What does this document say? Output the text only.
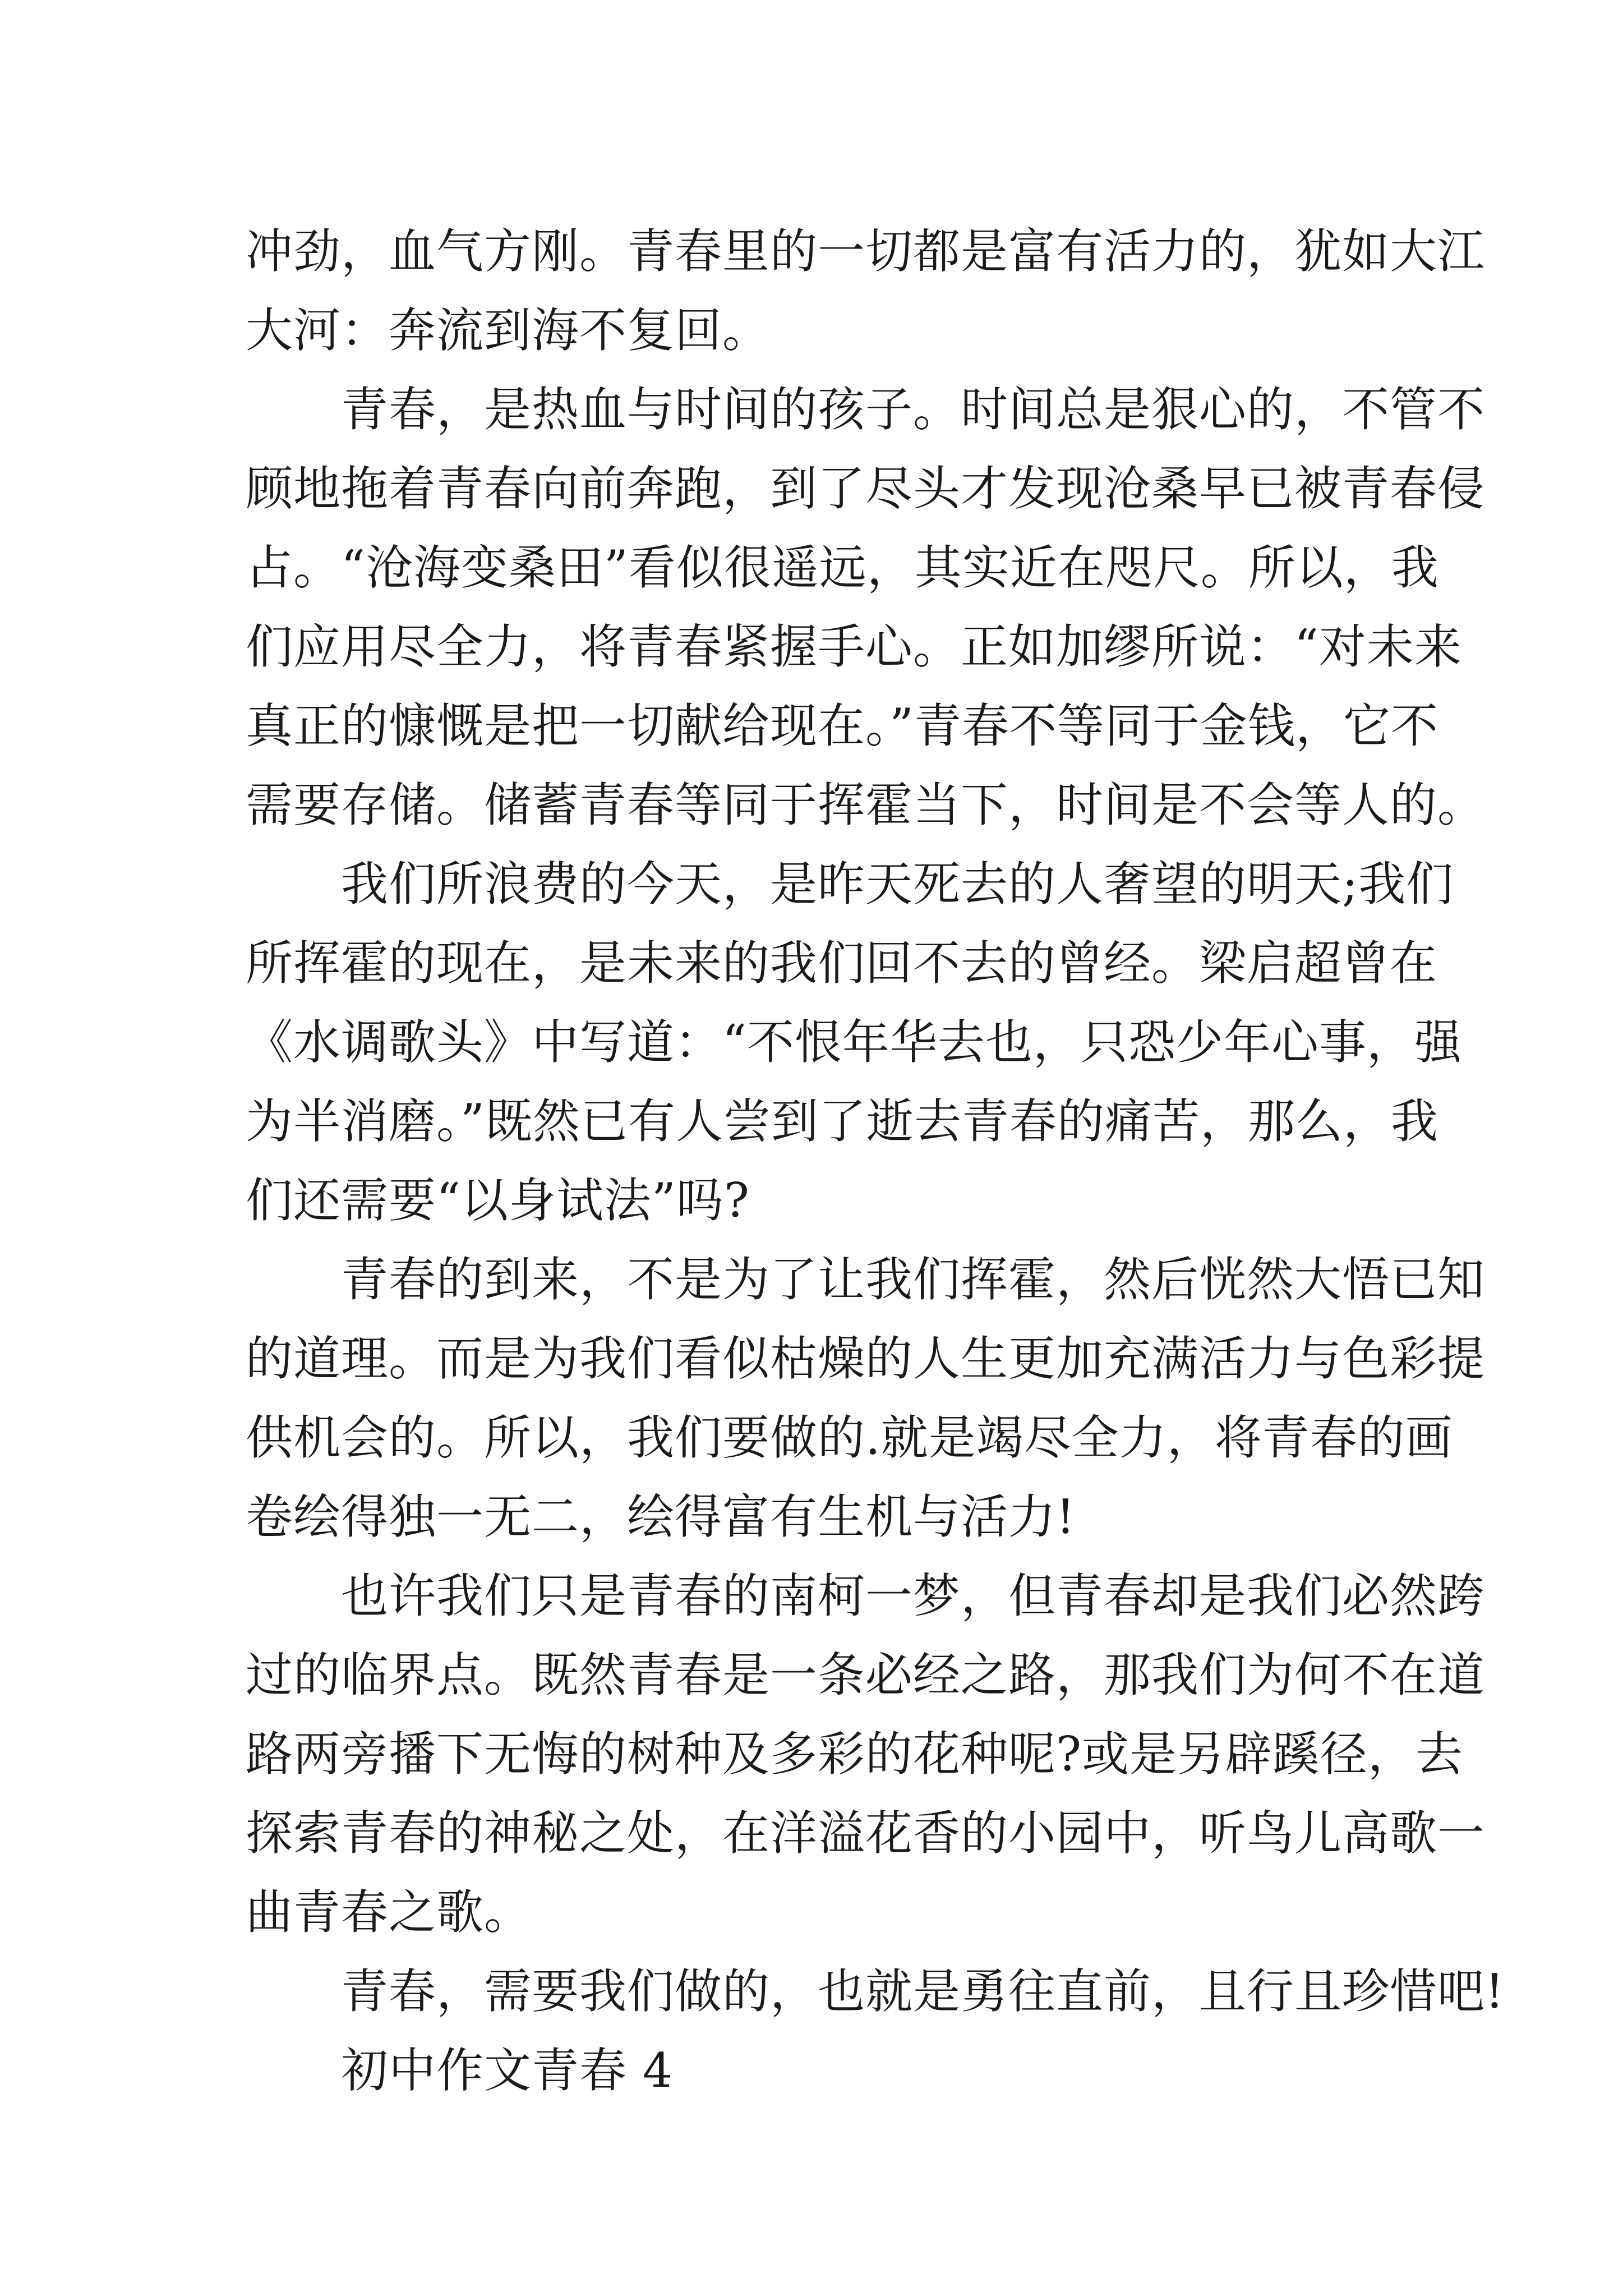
冲劲，血气方刚。青春里的一切都是富有活力的，犹如大江
大河：奔流到海不复回。
青春，是热血与时间的孩子。时间总是狠心的，不管不
顾地拖着青春向前奔跑，到了尽头才发现沧桑早已被青春侵
占。“沧海变桑田”看似很遥远，其实近在咫尺。所以，我
们应用尽全力，将青春紧握手心。正如加缪所说：“对未来
真正的慷慨是把一切献给现在。”青春不等同于金钱，它不
需要存储。储蓄青春等同于挥霍当下，时间是不会等人的。
我们所浪费的今天，是昨天死去的人奢望的明天;我们
所挥霍的现在，是未来的我们回不去的曾经。梁启超曾在
《水调歌头》中写道：“不恨年华去也，只恐少年心事，强
为半消磨。”既然已有人尝到了逝去青春的痛苦，那么，我
们还需要“以身试法”吗?
青春的到来，不是为了让我们挥霍，然后恍然大悟已知
的道理。而是为我们看似枯燥的人生更加充满活力与色彩提
供机会的。所以，我们要做的.就是竭尽全力，将青春的画
卷绘得独一无二，绘得富有生机与活力!
也许我们只是青春的南柯一梦，但青春却是我们必然跨
过的临界点。既然青春是一条必经之路，那我们为何不在道
路两旁播下无悔的树种及多彩的花种呢?或是另辟蹊径，去
探索青春的神秘之处，在洋溢花香的小园中，听鸟儿高歌一
曲青春之歌。
青春，需要我们做的，也就是勇往直前，且行且珍惜吧!
初中作文青春 4
